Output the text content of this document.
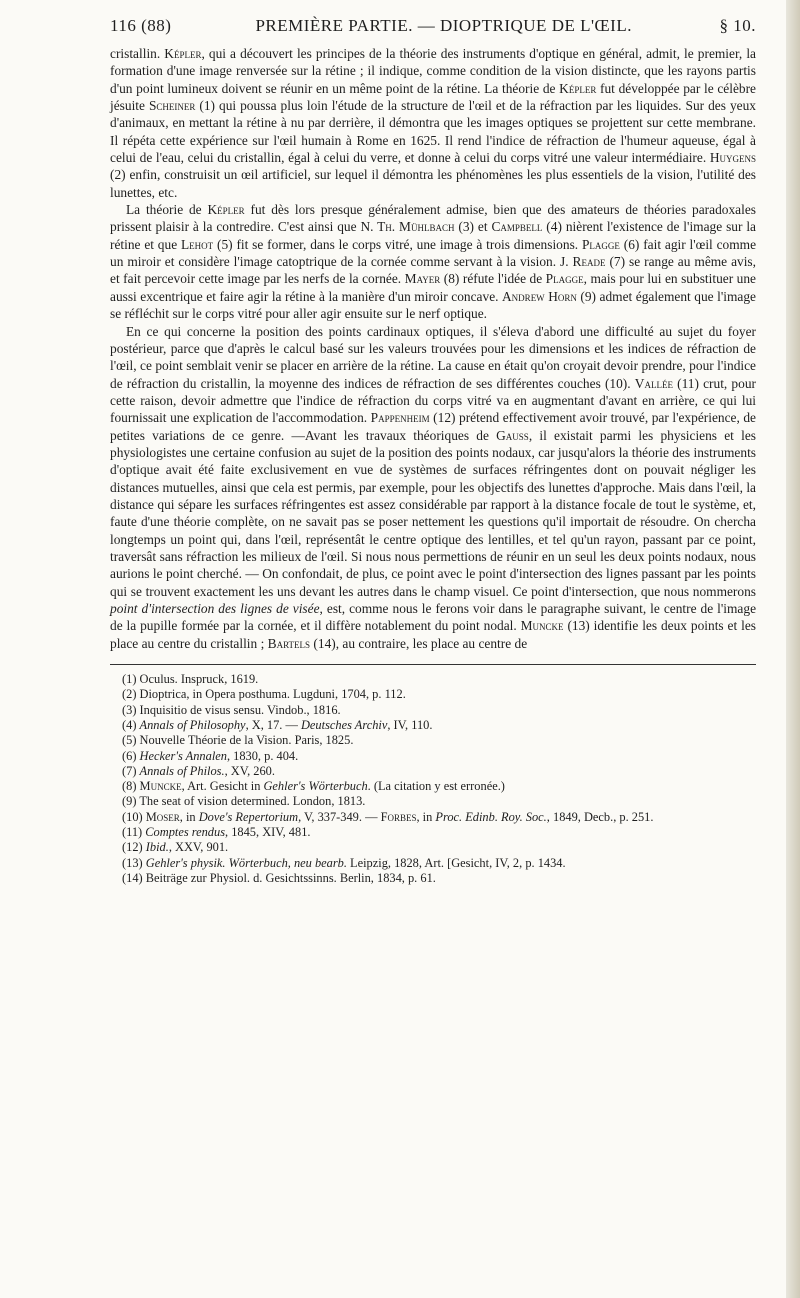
116 (88)	PREMIÈRE PARTIE. — DIOPTRIQUE DE L'ŒIL.	§ 10.

cristallin. Képler, qui a découvert les principes de la théorie des instruments d'optique en général, admit, le premier, la formation d'une image renversée sur la rétine ; il indique, comme condition de la vision distincte, que les rayons partis d'un point lumineux doivent se réunir en un même point de la rétine. La théorie de Képler fut développée par le célèbre jésuite Scheiner (1) qui poussa plus loin l'étude de la structure de l'œil et de la réfraction par les liquides. Sur des yeux d'animaux, en mettant la rétine à nu par derrière, il démontra que les images optiques se projettent sur cette membrane. Il répéta cette expérience sur l'œil humain à Rome en 1625. Il rend l'indice de réfraction de l'humeur aqueuse, égal à celui de l'eau, celui du cristallin, égal à celui du verre, et donne à celui du corps vitré une valeur intermédiaire. Huygens (2) enfin, construisit un œil artificiel, sur lequel il démontra les phénomènes les plus essentiels de la vision, l'utilité des lunettes, etc.

La théorie de Képler fut dès lors presque généralement admise, bien que des amateurs de théories paradoxales prissent plaisir à la contredire. C'est ainsi que N. Th. Mühlbach (3) et Campbell (4) nièrent l'existence de l'image sur la rétine et que Lehot (5) fit se former, dans le corps vitré, une image à trois dimensions. Plagge (6) fait agir l'œil comme un miroir et considère l'image catoptrique de la cornée comme servant à la vision. J. Reade (7) se range au même avis, et fait percevoir cette image par les nerfs de la cornée. Mayer (8) réfute l'idée de Plagge, mais pour lui en substituer une aussi excentrique et faire agir la rétine à la manière d'un miroir concave. Andrew Horn (9) admet également que l'image se réfléchit sur le corps vitré pour aller agir ensuite sur le nerf optique.

En ce qui concerne la position des points cardinaux optiques, il s'éleva d'abord une difficulté au sujet du foyer postérieur, parce que d'après le calcul basé sur les valeurs trouvées pour les dimensions et les indices de réfraction de l'œil, ce point semblait venir se placer en arrière de la rétine. La cause en était qu'on croyait devoir prendre, pour l'indice de réfraction du cristallin, la moyenne des indices de réfraction de ses différentes couches (10). Vallée (11) crut, pour cette raison, devoir admettre que l'indice de réfraction du corps vitré va en augmentant d'avant en arrière, ce qui lui fournissait une explication de l'accommodation. Pappenheim (12) prétend effectivement avoir trouvé, par l'expérience, de petites variations de ce genre. —Avant les travaux théoriques de Gauss, il existait parmi les physiciens et les physiologistes une certaine confusion au sujet de la position des points nodaux, car jusqu'alors la théorie des instruments d'optique avait été faite exclusivement en vue de systèmes de surfaces réfringentes dont on pouvait négliger les distances mutuelles, ainsi que cela est permis, par exemple, pour les objectifs des lunettes d'approche. Mais dans l'œil, la distance qui sépare les surfaces réfringentes est assez considérable par rapport à la distance focale de tout le système, et, faute d'une théorie complète, on ne savait pas se poser nettement les questions qu'il importait de résoudre. On chercha longtemps un point qui, dans l'œil, représentât le centre optique des lentilles, et tel qu'un rayon, passant par ce point, traversât sans réfraction les milieux de l'œil. Si nous nous permettions de réunir en un seul les deux points nodaux, nous aurions le point cherché. — On confondait, de plus, ce point avec le point d'intersection des lignes passant par les points qui se trouvent exactement les uns devant les autres dans le champ visuel. Ce point d'intersection, que nous nommerons point d'intersection des lignes de visée, est, comme nous le ferons voir dans le paragraphe suivant, le centre de l'image de la pupille formée par la cornée, et il diffère notablement du point nodal. Muncke (13) identifie les deux points et les place au centre du cristallin ; Bartels (14), au contraire, les place au centre de

(1) Oculus. Inspruck, 1619.
(2) Dioptrica, in Opera posthuma. Lugduni, 1704, p. 112.
(3) Inquisitio de visus sensu. Vindob., 1816.
(4) Annals of Philosophy, X, 17. — Deutsches Archiv, IV, 110.
(5) Nouvelle Théorie de la Vision. Paris, 1825.
(6) Hecker's Annalen, 1830, p. 404.
(7) Annals of Philos., XV, 260.
(8) Muncke, Art. Gesicht in Gehler's Wörterbuch. (La citation y est erronée.)
(9) The seat of vision determined. London, 1813.
(10) Moser, in Dove's Repertorium, V, 337-349. — Forbes, in Proc. Edinb. Roy. Soc., 1849, Decb., p. 251.
(11) Comptes rendus, 1845, XIV, 481.
(12) Ibid., XXV, 901.
(13) Gehler's physik. Wörterbuch, neu bearb. Leipzig, 1828, Art. [Gesicht, IV, 2, p. 1434.
(14) Beiträge zur Physiol. d. Gesichtssinns. Berlin, 1834, p. 61.
